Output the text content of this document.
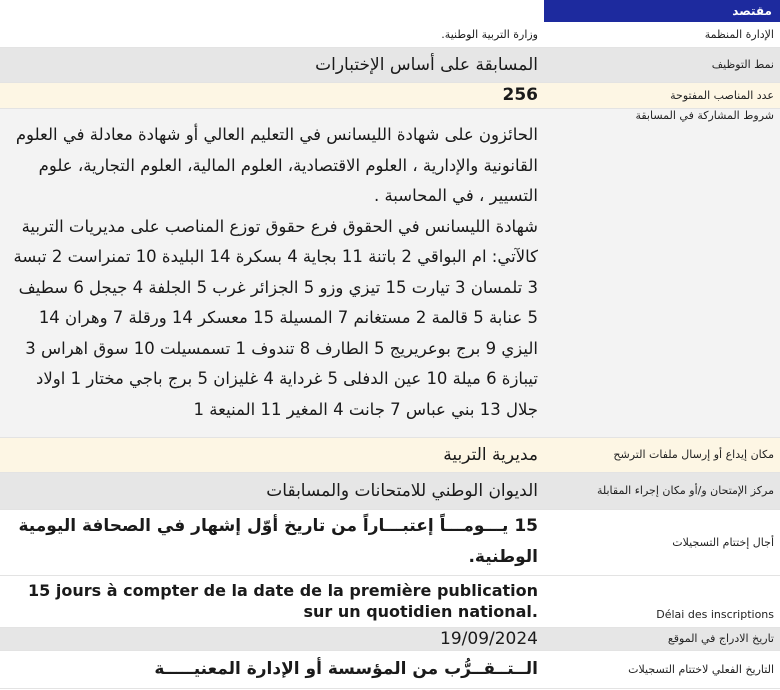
مقتصد	
الإدارة المنظمة	وزارة التربية الوطنية.
نمط التوظيف	المسابقة على أساس الإختبارات
عدد المناصب المفتوحة	256
شروط المشاركة في المسابقة	الحائزون على شهادة الليسانس في التعليم العالي أو شهادة معادلة في العلوم القانونية والإدارية ، العلوم الاقتصادية، العلوم المالية، العلوم التجارية، علوم التسيير ، في المحاسبة .

شهادة الليسانس في الحقوق فرع حقوق توزع المناصب على مديريات التربية كالآتي: ام البواقي 2 باتنة 11 بجاية 4 بسكرة 14 البليدة 10 تمنراست 2 تبسة 3 تلمسان 3 تيارت 15 تيزي وزو 5 الجزائر غرب 5 الجلفة 4 جيجل 6 سطيف 5 عنابة 5 قالمة 2 مستغانم 7 المسيلة 15 معسكر 14 ورقلة 7 وهران 14 اليزي 9 برج بوعريريج 5 الطارف 8 تندوف 1 تسمسيلت 10 سوق اهراس 3 تيبازة 6 ميلة 10 عين الدفلى 5 غرداية 4 غليزان 5 برج باجي مختار 1 اولاد جلال 13 بني عباس 7 جانت 4 المغير 11 المنيعة 1

مكان إيداع أو إرسال ملفات الترشح	مديرية التربية
مركز الإمتحان و/أو مكان إجراء المقابلة	الديوان الوطني للامتحانات والمسابقات
أجال إختتام التسجيلات	15 يـــومـــاً إعتبـــاراً من تاريخ أوّل إشهار في الصحافة اليومية الوطنية.
Délai des inscriptions	15 jours à compter de la date de la première publication sur un quotidien national.
تاريخ الادراج في الموقع	19/09/2024
التاريخ الفعلي لاختتام التسجيلات	الــتــقــرُّب من المؤسسة أو الإدارة المعنيـــــة
